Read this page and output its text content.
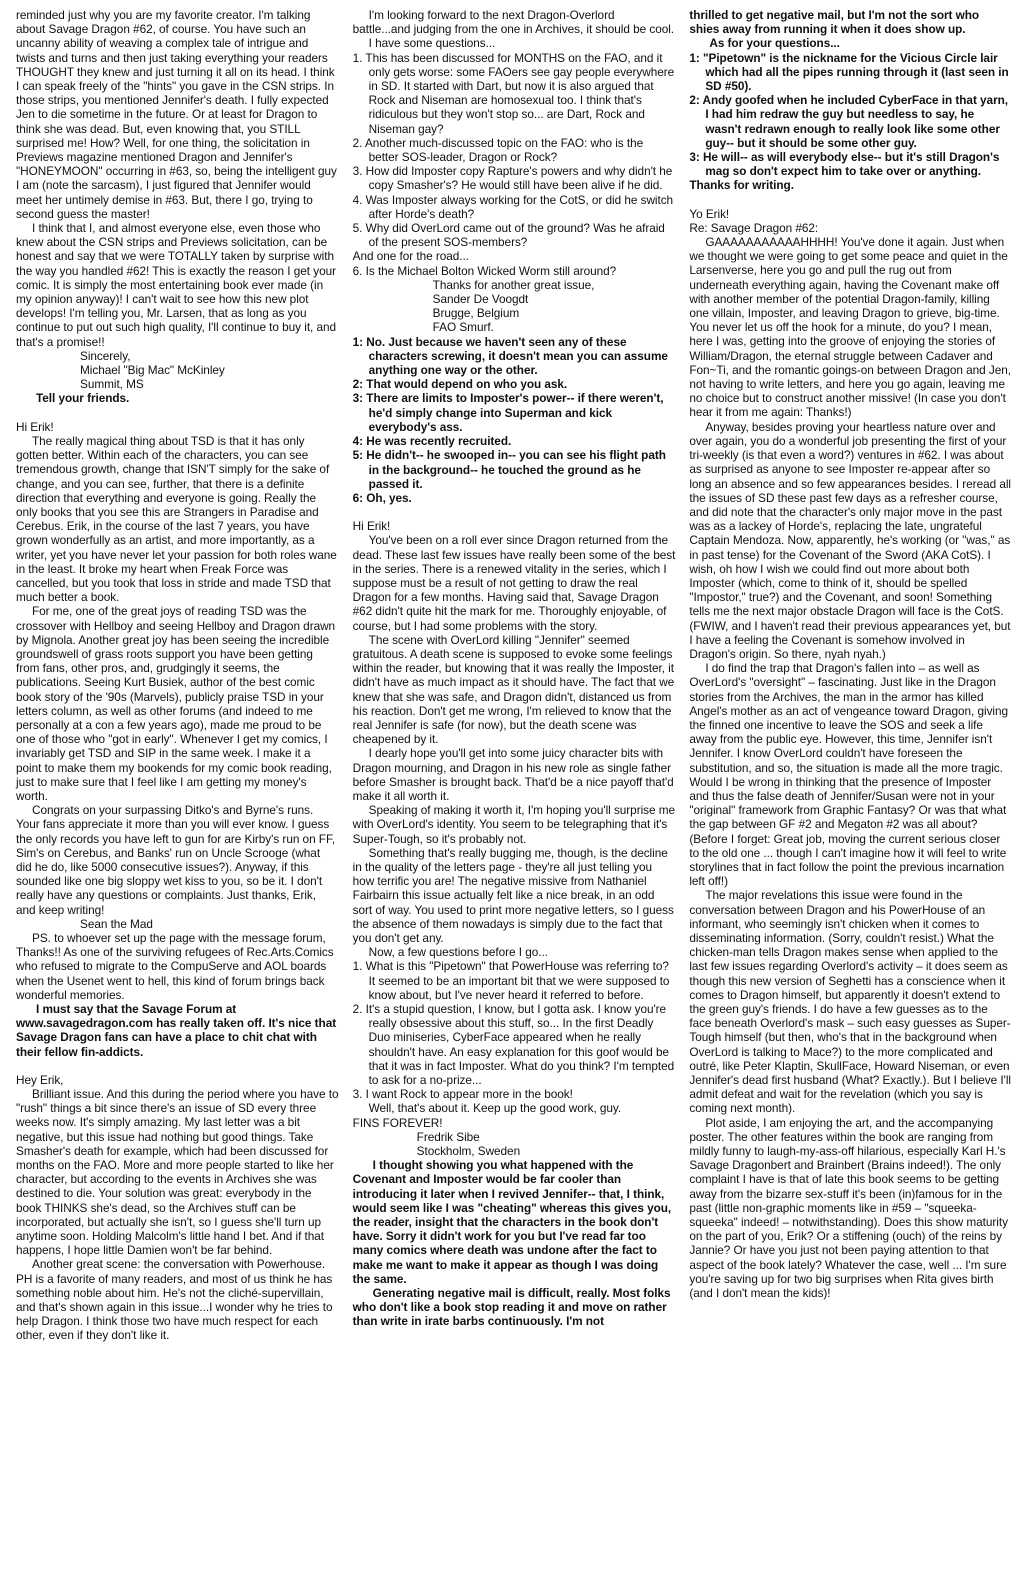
reminded just why you are my favorite creator. I'm talking about Savage Dragon #62, of course. You have such an uncanny ability of weaving a complex tale of intrigue and twists and turns and then just taking everything your readers THOUGHT they knew and just turning it all on its head. I think I can speak freely of the "hints" you gave in the CSN strips. In those strips, you mentioned Jennifer's death. I fully expected Jen to die sometime in the future. Or at least for Dragon to think she was dead. But, even knowing that, you STILL surprised me! How? Well, for one thing, the solicitation in Previews magazine mentioned Dragon and Jennifer's "HONEYMOON" occurring in #63, so, being the intelligent guy I am (note the sarcasm), I just figured that Jennifer would meet her untimely demise in #63. But, there I go, trying to second guess the master!

I think that I, and almost everyone else, even those who knew about the CSN strips and Previews solicitation, can be honest and say that we were TOTALLY taken by surprise with the way you handled #62! This is exactly the reason I get your comic. It is simply the most entertaining book ever made (in my opinion anyway)! I can't wait to see how this new plot develops! I'm telling you, Mr. Larsen, that as long as you continue to put out such high quality, I'll continue to buy it, and that's a promise!!

Sincerely,

Michael "Big Mac" McKinley

Summit, MS

Tell your friends.

Hi Erik!

The really magical thing about TSD is that it has only gotten better. Within each of the characters, you can see tremendous growth, change that ISN'T simply for the sake of change, and you can see, further, that there is a definite direction that everything and everyone is going. Really the only books that you see this are Strangers in Paradise and Cerebus. Erik, in the course of the last 7 years, you have grown wonderfully as an artist, and more importantly, as a writer, yet you have never let your passion for both roles wane in the least. It broke my heart when Freak Force was cancelled, but you took that loss in stride and made TSD that much better a book.

For me, one of the great joys of reading TSD was the crossover with Hellboy and seeing Hellboy and Dragon drawn by Mignola. Another great joy has been seeing the incredible groundswell of grass roots support you have been getting from fans, other pros, and, grudgingly it seems, the publications. Seeing Kurt Busiek, author of the best comic book story of the '90s (Marvels), publicly praise TSD in your letters column, as well as other forums (and indeed to me personally at a con a few years ago), made me proud to be one of those who "got in early". Whenever I get my comics, I invariably get TSD and SIP in the same week. I make it a point to make them my bookends for my comic book reading, just to make sure that I feel like I am getting my money's worth.

Congrats on your surpassing Ditko's and Byrne's runs. Your fans appreciate it more than you will ever know. I guess the only records you have left to gun for are Kirby's run on FF, Sim's on Cerebus, and Banks' run on Uncle Scrooge (what did he do, like 5000 consecutive issues?). Anyway, if this sounded like one big sloppy wet kiss to you, so be it. I don't really have any questions or complaints. Just thanks, Erik, and keep writing!

Sean the Mad

PS. to whoever set up the page with the message forum, Thanks!! As one of the surviving refugees of Rec.Arts.Comics who refused to migrate to the CompuServe and AOL boards when the Usenet went to hell, this kind of forum brings back wonderful memories.

I must say that the Savage Forum at www.savagedragon.com has really taken off. It's nice that Savage Dragon fans can have a place to chit chat with their fellow fin-addicts.

Hey Erik,

Brilliant issue. And this during the period where you have to "rush" things a bit since there's an issue of SD every three weeks now. It's simply amazing. My last letter was a bit negative, but this issue had nothing but good things. Take Smasher's death for example, which had been discussed for months on the FAO. More and more people started to like her character, but according to the events in Archives she was destined to die. Your solution was great: everybody in the book THINKS she's dead, so the Archives stuff can be incorporated, but actually she isn't, so I guess she'll turn up anytime soon. Holding Malcolm's little hand I bet. And if that happens, I hope little Damien won't be far behind.

Another great scene: the conversation with Powerhouse. PH is a favorite of many readers, and most of us think he has something noble about him. He's not the cliché-supervillain, and that's shown again in this issue...I wonder why he tries to help Dragon. I think those two have much respect for each other, even if they don't like it.

I'm looking forward to the next Dragon-Overlord battle...and judging from the one in Archives, it should be cool.

I have some questions...

1. This has been discussed for MONTHS on the FAO, and it only gets worse: some FAOers see gay people everywhere in SD. It started with Dart, but now it is also argued that Rock and Niseman are homosexual too. I think that's ridiculous but they won't stop so... are Dart, Rock and Niseman gay?

2. Another much-discussed topic on the FAO: who is the better SOS-leader, Dragon or Rock?

3. How did Imposter copy Rapture's powers and why didn't he copy Smasher's? He would still have been alive if he did.

4. Was Imposter always working for the CotS, or did he switch after Horde's death?

5. Why did OverLord came out of the ground? Was he afraid of the present SOS-members?

And one for the road...

6. Is the Michael Bolton Wicked Worm still around?

Thanks for another great issue,

Sander De Voogdt

Brugge, Belgium

FAO Smurf.

1: No. Just because we haven't seen any of these characters screwing, it doesn't mean you can assume anything one way or the other.

2: That would depend on who you ask.

3: There are limits to Imposter's power-- if there weren't, he'd simply change into Superman and kick everybody's ass.

4: He was recently recruited.

5: He didn't-- he swooped in-- you can see his flight path in the background-- he touched the ground as he passed it.

6: Oh, yes.

Hi Erik!

You've been on a roll ever since Dragon returned from the dead. These last few issues have really been some of the best in the series. There is a renewed vitality in the series, which I suppose must be a result of not getting to draw the real Dragon for a few months. Having said that, Savage Dragon #62 didn't quite hit the mark for me. Thoroughly enjoyable, of course, but I had some problems with the story.

The scene with OverLord killing "Jennifer" seemed gratuitous. A death scene is supposed to evoke some feelings within the reader, but knowing that it was really the Imposter, it didn't have as much impact as it should have. The fact that we knew that she was safe, and Dragon didn't, distanced us from his reaction. Don't get me wrong, I'm relieved to know that the real Jennifer is safe (for now), but the death scene was cheapened by it.

I dearly hope you'll get into some juicy character bits with Dragon mourning, and Dragon in his new role as single father before Smasher is brought back. That'd be a nice payoff that'd make it all worth it.

Speaking of making it worth it, I'm hoping you'll surprise me with OverLord's identity. You seem to be telegraphing that it's Super-Tough, so it's probably not.

Something that's really bugging me, though, is the decline in the quality of the letters page - they're all just telling you how terrific you are! The negative missive from Nathaniel Fairbairn this issue actually felt like a nice break, in an odd sort of way. You used to print more negative letters, so I guess the absence of them nowadays is simply due to the fact that you don't get any.

Now, a few questions before I go...

1. What is this "Pipetown" that PowerHouse was referring to? It seemed to be an important bit that we were supposed to know about, but I've never heard it referred to before.

2. It's a stupid question, I know, but I gotta ask. I know you're really obsessive about this stuff, so... In the first Deadly Duo miniseries, CyberFace appeared when he really shouldn't have. An easy explanation for this goof would be that it was in fact Imposter. What do you think? I'm tempted to ask for a no-prize...

3. I want Rock to appear more in the book!

Well, that's about it. Keep up the good work, guy.

FINS FOREVER!

Fredrik Sibe

Stockholm, Sweden

I thought showing you what happened with the Covenant and Imposter would be far cooler than introducing it later when I revived Jennifer-- that, I think, would seem like I was "cheating" whereas this gives you, the reader, insight that the characters in the book don't have. Sorry it didn't work for you but I've read far too many comics where death was undone after the fact to make me want to make it appear as though I was doing the same.

Generating negative mail is difficult, really. Most folks who don't like a book stop reading it and move on rather than write in irate barbs continuously. I'm not

thrilled to get negative mail, but I'm not the sort who shies away from running it when it does show up.

As for your questions...

1: "Pipetown" is the nickname for the Vicious Circle lair which had all the pipes running through it (last seen in SD #50).

2: Andy goofed when he included CyberFace in that yarn, I had him redraw the guy but needless to say, he wasn't redrawn enough to really look like some other guy-- but it should be some other guy.

3: He will-- as will everybody else-- but it's still Dragon's mag so don't expect him to take over or anything.

Thanks for writing.

Yo Erik!

Re: Savage Dragon #62:

GAAAAAAAAAAAHHHH! You've done it again. Just when we thought we were going to get some peace and quiet in the Larsenverse, here you go and pull the rug out from underneath everything again, having the Covenant make off with another member of the potential Dragon-family, killing one villain, Imposter, and leaving Dragon to grieve, big-time. You never let us off the hook for a minute, do you? I mean, here I was, getting into the groove of enjoying the stories of William/Dragon, the eternal struggle between Cadaver and Fon~Ti, and the romantic goings-on between Dragon and Jen, not having to write letters, and here you go again, leaving me no choice but to construct another missive! (In case you don't hear it from me again: Thanks!)

Anyway, besides proving your heartless nature over and over again, you do a wonderful job presenting the first of your tri-weekly (is that even a word?) ventures in #62. I was about as surprised as anyone to see Imposter re-appear after so long an absence and so few appearances besides. I reread all the issues of SD these past few days as a refresher course, and did note that the character's only major move in the past was as a lackey of Horde's, replacing the late, ungrateful Captain Mendoza. Now, apparently, he's working (or "was," as in past tense) for the Covenant of the Sword (AKA CotS). I wish, oh how I wish we could find out more about both Imposter (which, come to think of it, should be spelled "Impostor," true?) and the Covenant, and soon! Something tells me the next major obstacle Dragon will face is the CotS. (FWIW, and I haven't read their previous appearances yet, but I have a feeling the Covenant is somehow involved in Dragon's origin. So there, nyah nyah.)

I do find the trap that Dragon's fallen into – as well as OverLord's "oversight" – fascinating. Just like in the Dragon stories from the Archives, the man in the armor has killed Angel's mother as an act of vengeance toward Dragon, giving the finned one incentive to leave the SOS and seek a life away from the public eye. However, this time, Jennifer isn't Jennifer. I know OverLord couldn't have foreseen the substitution, and so, the situation is made all the more tragic. Would I be wrong in thinking that the presence of Imposter and thus the false death of Jennifer/Susan were not in your "original" framework from Graphic Fantasy? Or was that what the gap between GF #2 and Megaton #2 was all about? (Before I forget: Great job, moving the current serious closer to the old one ... though I can't imagine how it will feel to write storylines that in fact follow the point the previous incarnation left off!)

The major revelations this issue were found in the conversation between Dragon and his PowerHouse of an informant, who seemingly isn't chicken when it comes to disseminating information. (Sorry, couldn't resist.) What the chicken-man tells Dragon makes sense when applied to the last few issues regarding Overlord's activity – it does seem as though this new version of Seghetti has a conscience when it comes to Dragon himself, but apparently it doesn't extend to the green guy's friends. I do have a few guesses as to the face beneath Overlord's mask – such easy guesses as Super-Tough himself (but then, who's that in the background when OverLord is talking to Mace?) to the more complicated and outré, like Peter Klaptin, SkullFace, Howard Niseman, or even Jennifer's dead first husband (What? Exactly.). But I believe I'll admit defeat and wait for the revelation (which you say is coming next month).

Plot aside, I am enjoying the art, and the accompanying poster. The other features within the book are ranging from mildly funny to laugh-my-ass-off hilarious, especially Karl H.'s Savage Dragonbert and Brainbert (Brains indeed!). The only complaint I have is that of late this book seems to be getting away from the bizarre sex-stuff it's been (in)famous for in the past (little non-graphic moments like in #59 – "squeeka-squeeka" indeed! – notwithstanding). Does this show maturity on the part of you, Erik? Or a stiffening (ouch) of the reins by Jannie? Or have you just not been paying attention to that aspect of the book lately? Whatever the case, well ... I'm sure you're saving up for two big surprises when Rita gives birth (and I don't mean the kids)!
